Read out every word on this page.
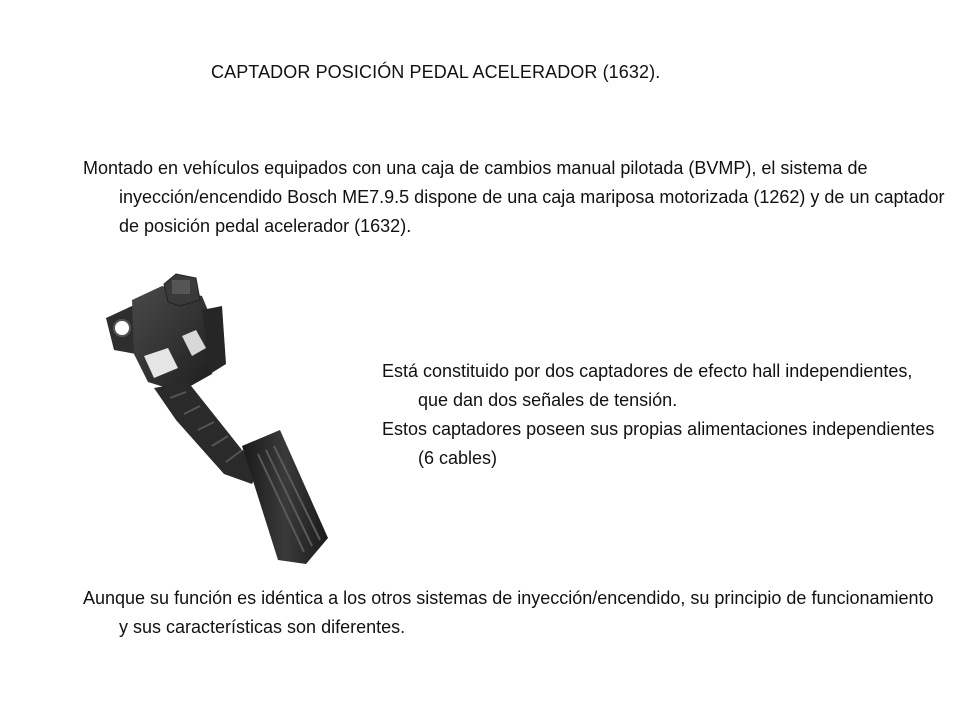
CAPTADOR POSICIÓN PEDAL ACELERADOR (1632).

Montado en vehículos equipados con una caja de cambios manual pilotada (BVMP), el sistema de inyección/encendido Bosch ME7.9.5 dispone de una caja mariposa motorizada (1262) y de un captador de posición pedal acelerador (1632).

Está constituido por dos captadores de efecto hall independientes, que dan dos señales de tensión.

Estos captadores poseen sus propias alimentaciones independientes (6 cables)

Aunque su función es idéntica a los otros sistemas de inyección/encendido, su principio de funcionamiento y sus características son diferentes.
